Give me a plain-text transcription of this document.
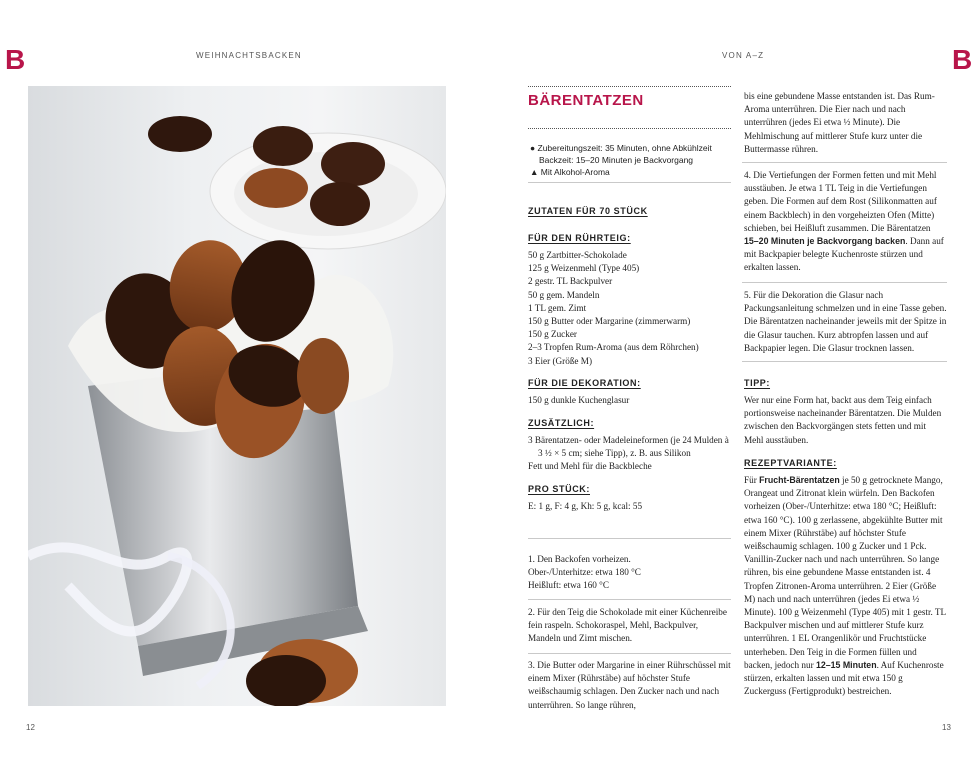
B	B
WEIHNACHTSBACKEN	VON A–Z
BÄRENTATZEN
● Zubereitungszeit: 35 Minuten, ohne Abkühlzeit
Backzeit: 15–20 Minuten je Backvorgang
▲ Mit Alkohol-Aroma
ZUTATEN FÜR 70 STÜCK
FÜR DEN RÜHRTEIG:
50 g Zartbitter-Schokolade
125 g Weizenmehl (Type 405)
2 gestr. TL Backpulver
50 g gem. Mandeln
1 TL gem. Zimt
150 g Butter oder Margarine (zimmerwarm)
150 g Zucker
2–3 Tropfen Rum-Aroma (aus dem Röhrchen)
3 Eier (Größe M)
FÜR DIE DEKORATION:
150 g dunkle Kuchenglasur
ZUSÄTZLICH:

3 Bärentatzen- oder Madeleineformen (je 24 Mulden à 3 ½ × 5 cm; siehe Tipp), z. B. aus Silikon

Fett und Mehl für die Backbleche

PRO STÜCK:
E: 1 g, F: 4 g, Kh: 5 g, kcal: 55

1. Den Backofen vorheizen.

Ober-/Unterhitze: etwa 180 °C

Heißluft: etwa 160 °C

2. Für den Teig die Schokolade mit einer Küchenreibe fein raspeln. Schokoraspel, Mehl, Backpulver, Mandeln und Zimt mischen.
3. Die Butter oder Margarine in einer Rührschüssel mit einem Mixer (Rührstäbe) auf höchster Stufe weißschaumig schlagen. Den Zucker nach und nach unterrühren. So lange rühren,
bis eine gebundene Masse entstanden ist. Das Rum-Aroma unterrühren. Die Eier nach und nach unterrühren (jedes Ei etwa ½ Minute). Die Mehlmischung auf mittlerer Stufe kurz unter die Buttermasse rühren.
4. Die Vertiefungen der Formen fetten und mit Mehl ausstäuben. Je etwa 1 TL Teig in die Vertiefungen geben. Die Formen auf dem Rost (Silikonmatten auf einem Backblech) in den vorgeheizten Ofen (Mitte) schieben, bei Heißluft zusammen. Die Bärentatzen 15–20 Minuten je Backvorgang backen. Dann auf mit Backpapier belegte Kuchenroste stürzen und erkalten lassen.
5. Für die Dekoration die Glasur nach Packungsanleitung schmelzen und in eine Tasse geben. Die Bärentatzen nacheinander jeweils mit der Spitze in die Glasur tauchen. Kurz abtropfen lassen und auf Backpapier legen. Die Glasur trocknen lassen.
TIPP:
Wer nur eine Form hat, backt aus dem Teig einfach portionsweise nacheinander Bärentatzen. Die Mulden zwischen den Backvorgängen stets fetten und mit Mehl ausstäuben.
REZEPTVARIANTE:
Für Frucht-Bärentatzen je 50 g getrocknete Mango, Orangeat und Zitronat klein würfeln. Den Backofen vorheizen (Ober-/Unterhitze: etwa 180 °C; Heißluft: etwa 160 °C). 100 g zerlassene, abgekühlte Butter mit einem Mixer (Rührstäbe) auf höchster Stufe weißschaumig schlagen. 100 g Zucker und 1 Pck. Vanillin-Zucker nach und nach unterrühren. So lange rühren, bis eine gebundene Masse entstanden ist. 4 Tropfen Zitronen-Aroma unterrühren. 2 Eier (Größe M) nach und nach unterrühren (jedes Ei etwa ½ Minute). 100 g Weizenmehl (Type 405) mit 1 gestr. TL Backpulver mischen und auf mittlerer Stufe kurz unterrühren. 1 EL Orangenlikör und Fruchtstücke unterheben. Den Teig in die Formen füllen und backen, jedoch nur 12–15 Minuten. Auf Kuchenroste stürzen, erkalten lassen und mit etwa 150 g Zuckerguss (Fertigprodukt) bestreichen.
12	13
